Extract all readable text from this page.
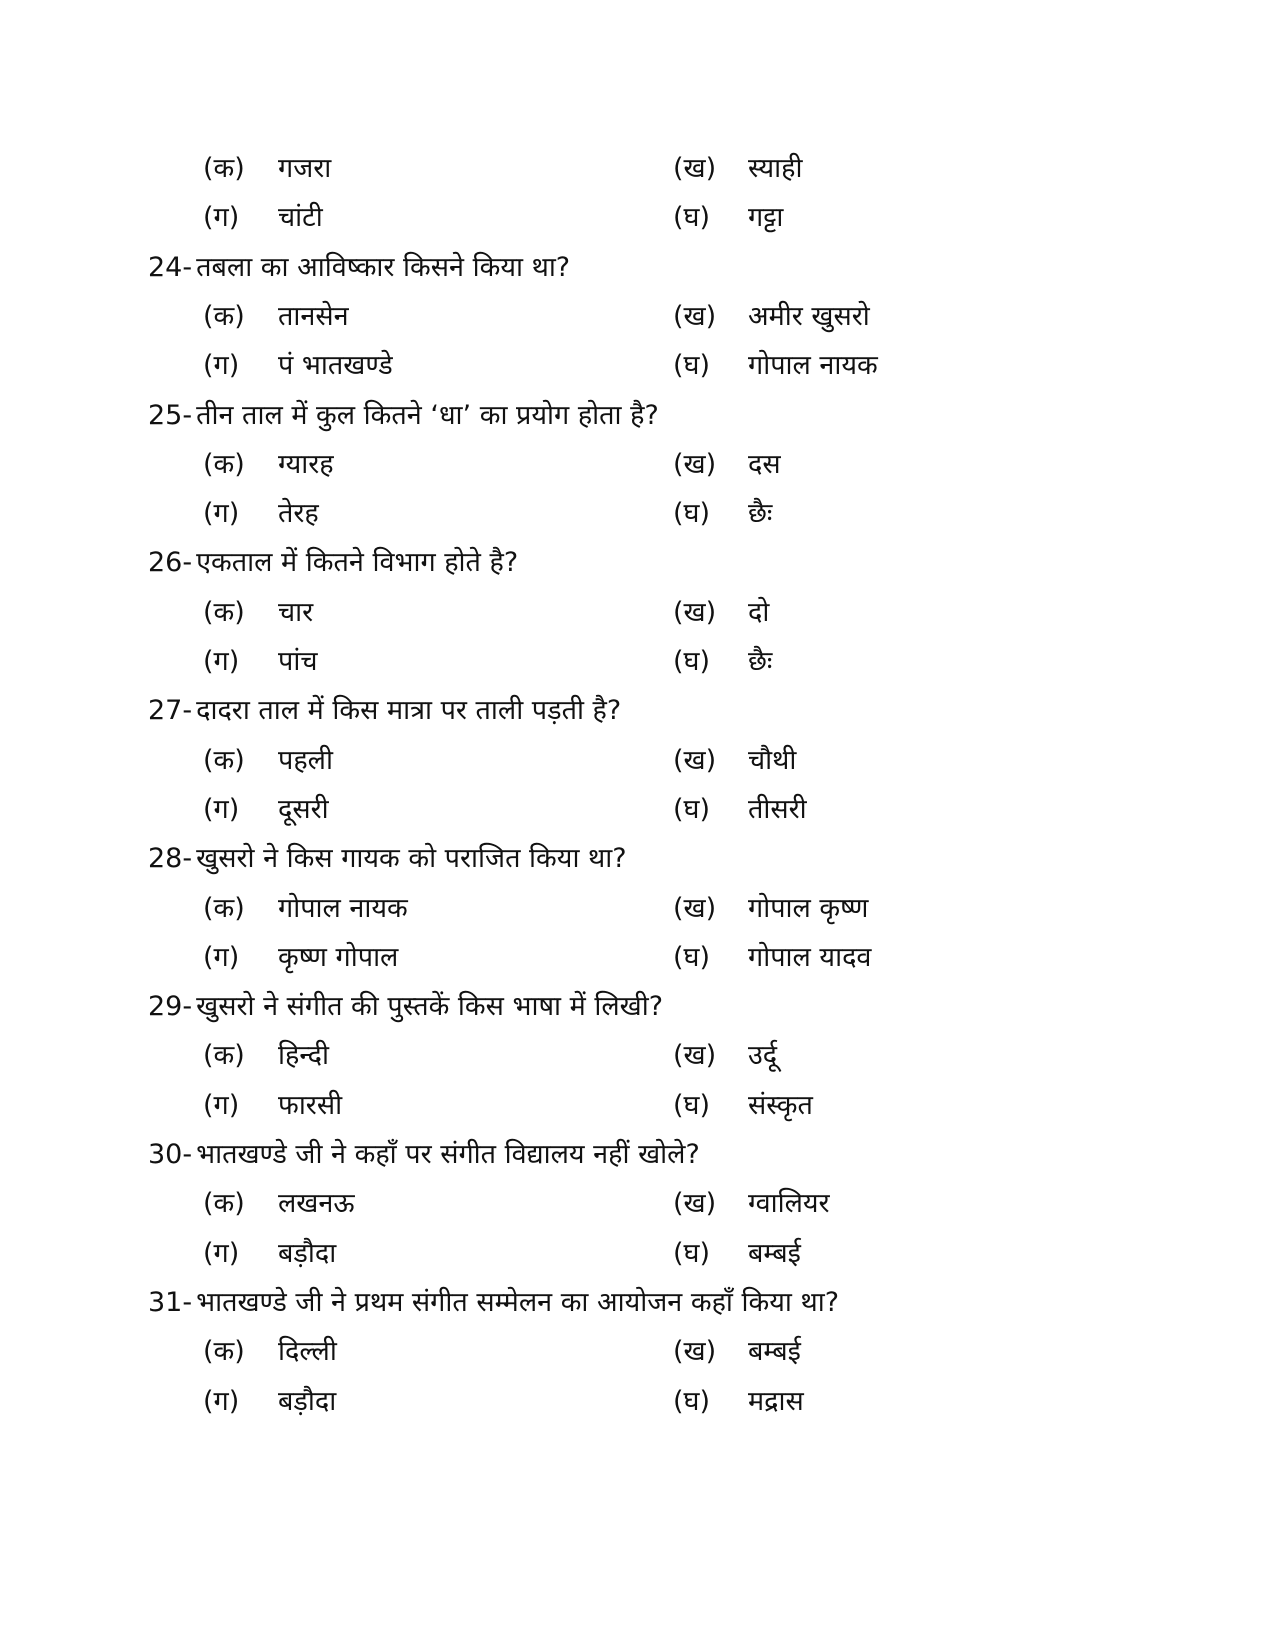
(क) गजरा	(ख) स्याही
(ग) चांटी	(घ) गट्टा
24- तबला का आविष्कार किसने किया था?
(क) तानसेन	(ख) अमीर खुसरो
(ग) पं भातखण्डे	(घ) गोपाल नायक
25- तीन ताल में कुल कितने ‘धा’ का प्रयोग होता है?
(क) ग्यारह	(ख) दस
(ग) तेरह	(घ) छैः
26- एकताल में कितने विभाग होते है?
(क) चार	(ख) दो
(ग) पांच	(घ) छैः
27- दादरा ताल में किस मात्रा पर ताली पड़ती है?
(क) पहली	(ख) चौथी
(ग) दूसरी	(घ) तीसरी
28- खुसरो ने किस गायक को पराजित किया था?
(क) गोपाल नायक	(ख) गोपाल कृष्ण
(ग) कृष्ण गोपाल	(घ) गोपाल यादव
29- खुसरो ने संगीत की पुस्तकें किस भाषा में लिखी?
(क) हिन्दी	(ख) उर्दू
(ग) फारसी	(घ) संस्कृत
30- भातखण्डे जी ने कहाँ पर संगीत विद्यालय नहीं खोले?
(क) लखनऊ	(ख) ग्वालियर
(ग) बड़ौदा	(घ) बम्बई
31- भातखण्डे जी ने प्रथम संगीत सम्मेलन का आयोजन कहाँ किया था?
(क) दिल्ली	(ख) बम्बई
(ग) बड़ौदा	(घ) मद्रास
